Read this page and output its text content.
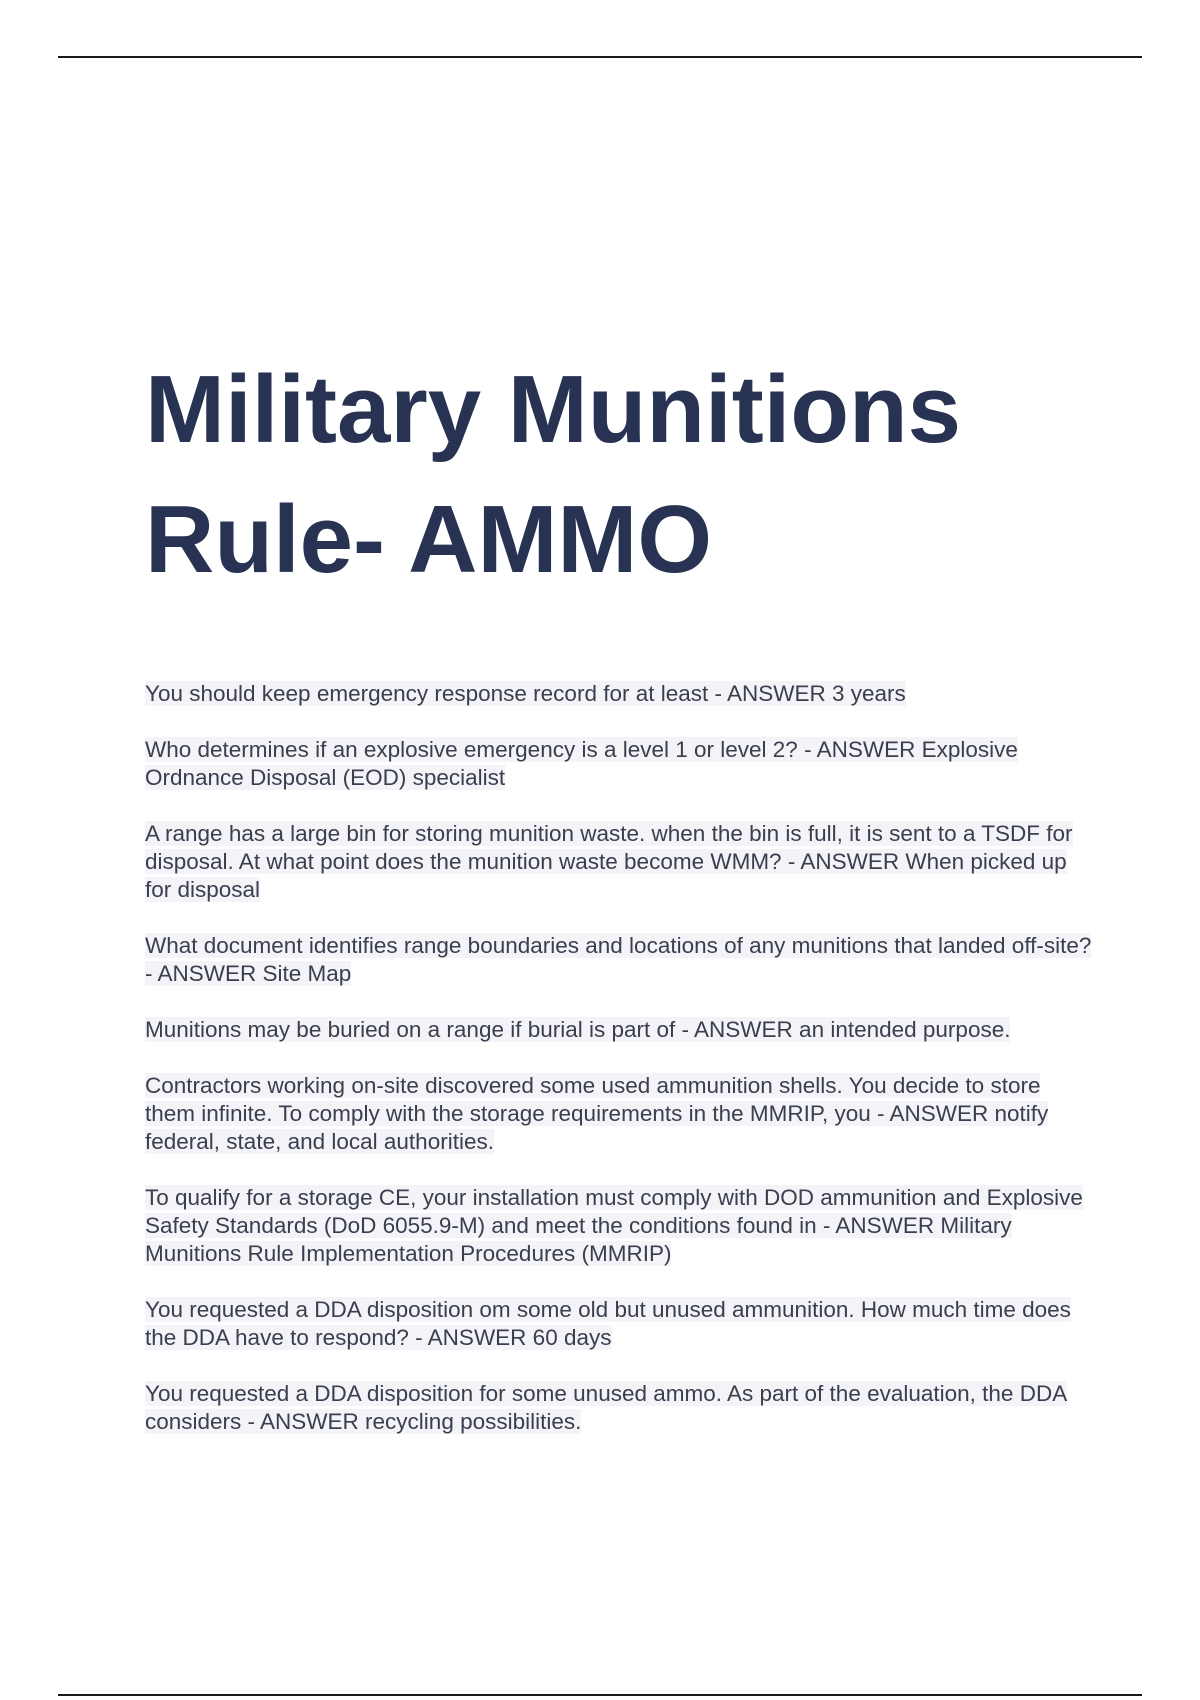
Military Munitions
Rule- AMMO
You should keep emergency response record for at least - ANSWER 3 years
Who determines if an explosive emergency is a level 1 or level 2? - ANSWER Explosive Ordnance Disposal (EOD) specialist
A range has a large bin for storing munition waste. when the bin is full, it is sent to a TSDF for disposal. At what point does the munition waste become WMM? - ANSWER When picked up for disposal
What document identifies range boundaries and locations of any munitions that landed off-site? - ANSWER Site Map
Munitions may be buried on a range if burial is part of - ANSWER an intended purpose.
Contractors working on-site discovered some used ammunition shells. You decide to store them infinite. To comply with the storage requirements in the MMRIP, you - ANSWER notify federal, state, and local authorities.
To qualify for a storage CE, your installation must comply with DOD ammunition and Explosive Safety Standards (DoD 6055.9-M) and meet the conditions found in - ANSWER Military Munitions Rule Implementation Procedures (MMRIP)
You requested a DDA disposition om some old but unused ammunition. How much time does the DDA have to respond? - ANSWER 60 days
You requested a DDA disposition for some unused ammo. As part of the evaluation, the DDA considers - ANSWER recycling possibilities.
